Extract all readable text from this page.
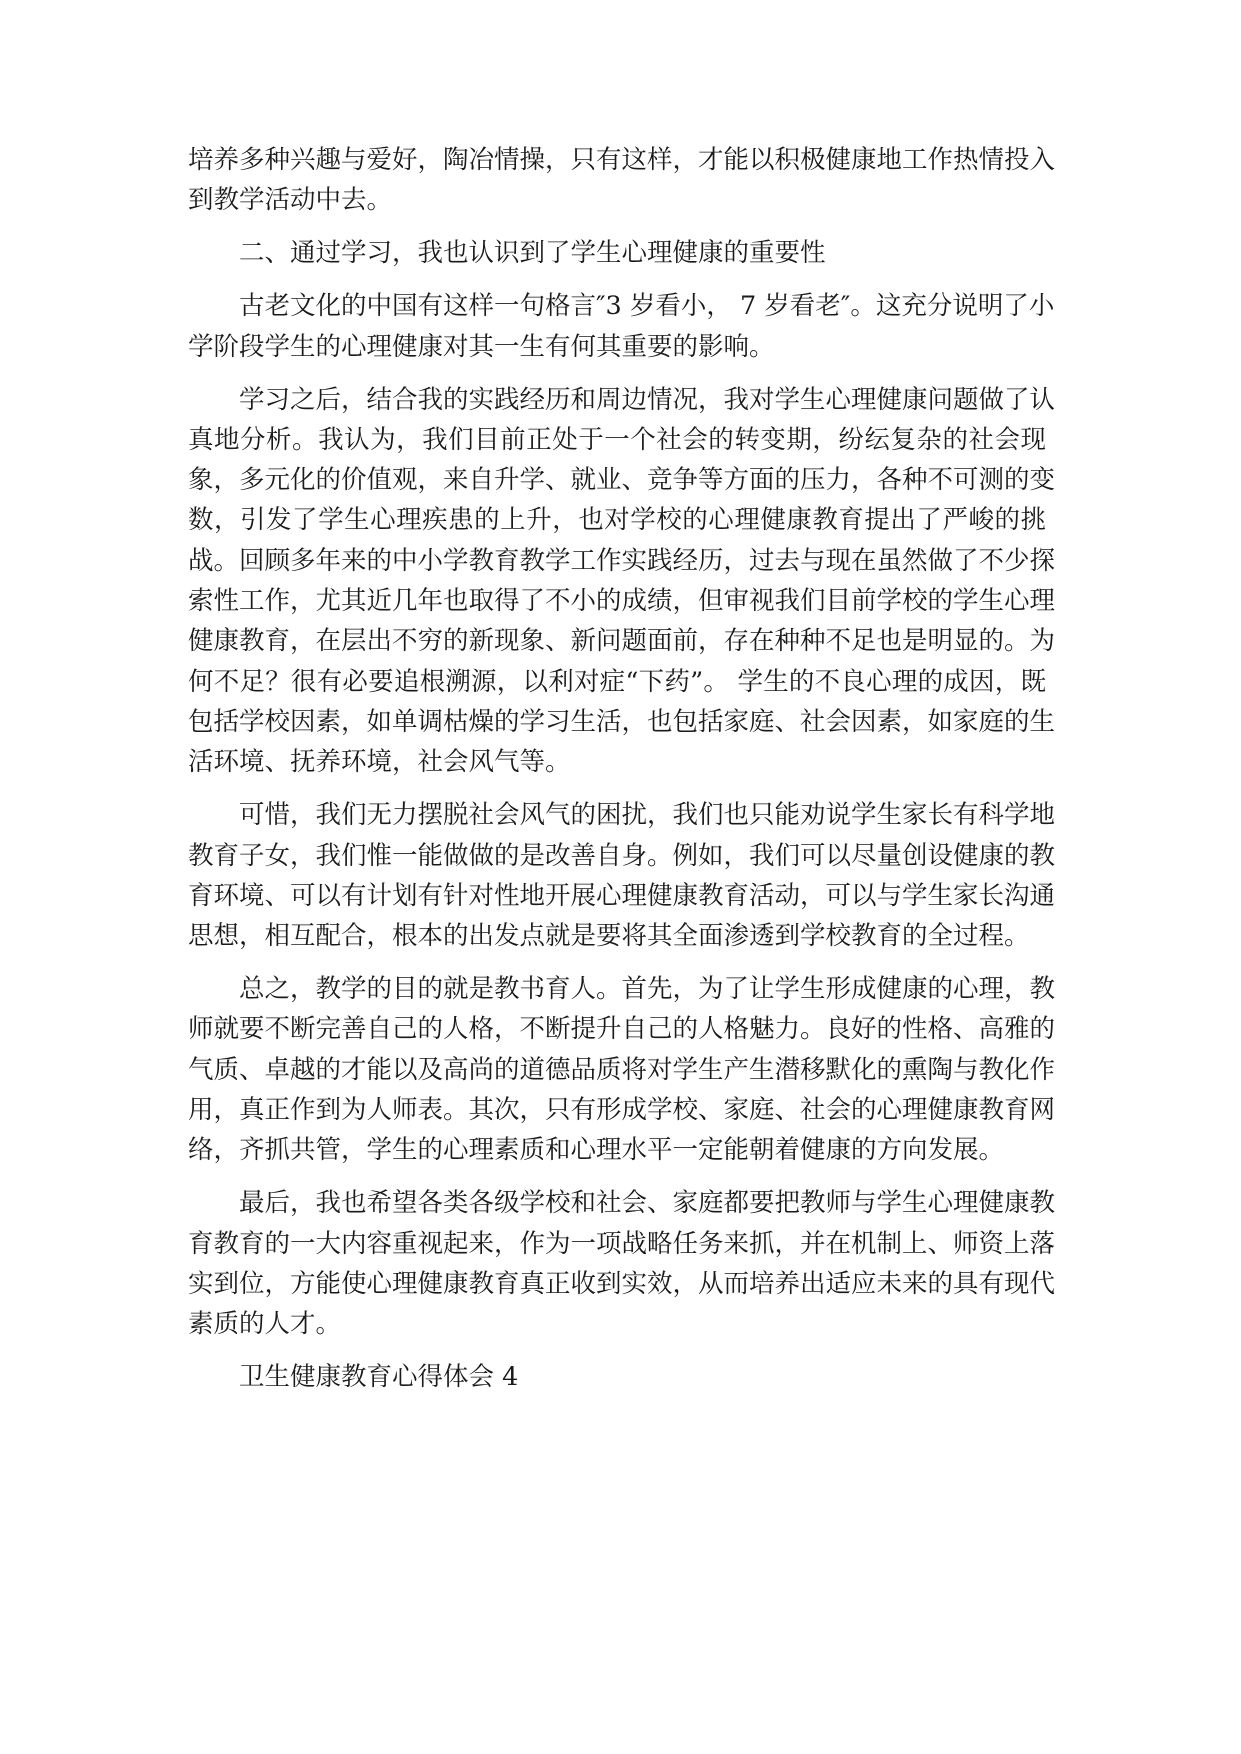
培养多种兴趣与爱好，陶冶情操，只有这样，才能以积极健康地工作热情投入
到教学活动中去。
二、通过学习，我也认识到了学生心理健康的重要性
古老文化的中国有这样一句格言″3 岁看小， 7 岁看老″。这充分说明了小
学阶段学生的心理健康对其一生有何其重要的影响。
学习之后，结合我的实践经历和周边情况，我对学生心理健康问题做了认
真地分析。我认为，我们目前正处于一个社会的转变期，纷纭复杂的社会现
象，多元化的价值观，来自升学、就业、竞争等方面的压力，各种不可测的变
数，引发了学生心理疾患的上升，也对学校的心理健康教育提出了严峻的挑
战。回顾多年来的中小学教育教学工作实践经历，过去与现在虽然做了不少探
索性工作，尤其近几年也取得了不小的成绩，但审视我们目前学校的学生心理
健康教育，在层出不穷的新现象、新问题面前，存在种种不足也是明显的。为
何不足？很有必要追根溯源，以利对症“下药”。 学生的不良心理的成因，既
包括学校因素，如单调枯燥的学习生活，也包括家庭、社会因素，如家庭的生
活环境、抚养环境，社会风气等。
可惜，我们无力摆脱社会风气的困扰，我们也只能劝说学生家长有科学地
教育子女，我们惟一能做做的是改善自身。例如，我们可以尽量创设健康的教
育环境、可以有计划有针对性地开展心理健康教育活动，可以与学生家长沟通
思想，相互配合，根本的出发点就是要将其全面渗透到学校教育的全过程。
总之，教学的目的就是教书育人。首先，为了让学生形成健康的心理，教
师就要不断完善自己的人格，不断提升自己的人格魅力。良好的性格、高雅的
气质、卓越的才能以及高尚的道德品质将对学生产生潜移默化的熏陶与教化作
用，真正作到为人师表。其次，只有形成学校、家庭、社会的心理健康教育网
络，齐抓共管，学生的心理素质和心理水平一定能朝着健康的方向发展。
最后，我也希望各类各级学校和社会、家庭都要把教师与学生心理健康教
育教育的一大内容重视起来，作为一项战略任务来抓，并在机制上、师资上落
实到位，方能使心理健康教育真正收到实效，从而培养出适应未来的具有现代
素质的人才。
卫生健康教育心得体会 4
